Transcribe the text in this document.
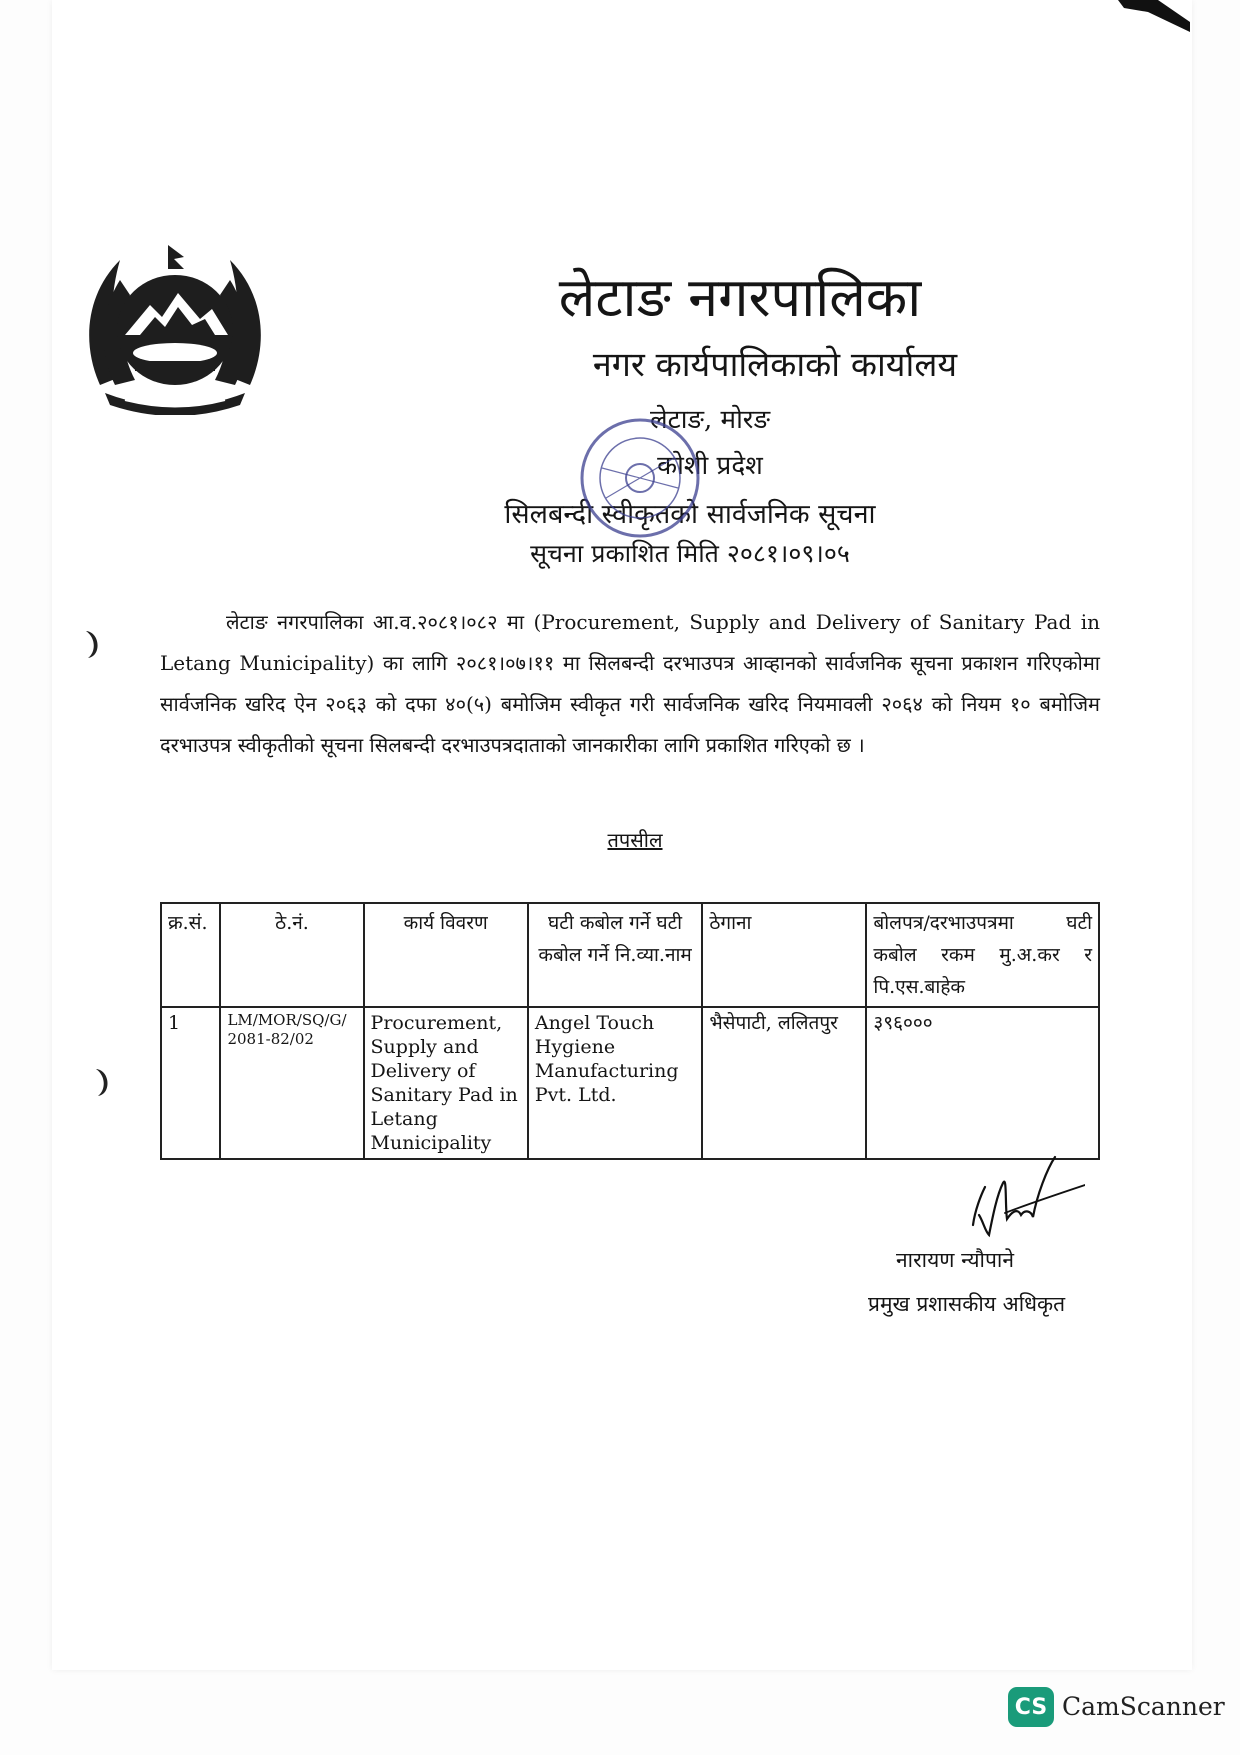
लेटाङ नगरपालिका
नगर कार्यपालिकाको कार्यालय

लेटाङ, मोरङ

कोशी प्रदेश

सिलबन्दी स्वीकृतको सार्वजनिक सूचना

सूचना प्रकाशित मिति २०८१।०९।०५

लेटाङ नगरपालिका आ.व.२०८१।०८२ मा (Procurement, Supply and Delivery of Sanitary Pad in Letang Municipality) का लागि २०८१।०७।११ मा सिलबन्दी दरभाउपत्र आव्हानको सार्वजनिक सूचना प्रकाशन गरिएकोमा सार्वजनिक खरिद ऐन २०६३ को दफा ४०(५) बमोजिम स्वीकृत गरी सार्वजनिक खरिद नियमावली २०६४ को नियम १० बमोजिम दरभाउपत्र स्वीकृतीको सूचना सिलबन्दी दरभाउपत्रदाताको जानकारीका लागि प्रकाशित गरिएको छ ।

तपसील

क्र.सं.	ठे.नं.	कार्य विवरण	घटी कबोल गर्ने घटी कबोल गर्ने नि.व्या.नाम	ठेगाना	बोलपत्र/दरभाउपत्रमा घटी कबोल रकम मु.अ.कर र पि.एस.बाहेक
1	LM/MOR/SQ/G/ 2081-82/02	Procurement, Supply and Delivery of Sanitary Pad in Letang Municipality	Angel Touch Hygiene Manufacturing Pvt. Ltd.	भैसेपाटी, ललितपुर	३९६०००

नारायण न्यौपाने

प्रमुख प्रशासकीय अधिकृत

CS CamScanner
